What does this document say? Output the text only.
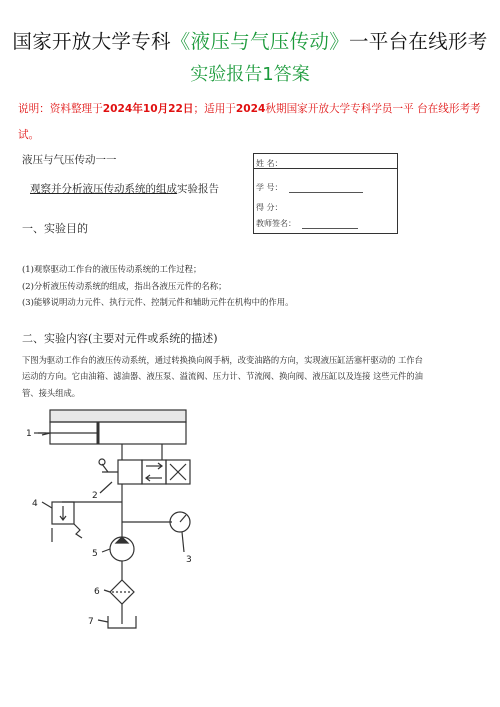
国家开放大学专科《液压与气压传动》一平台在线形考
实验报告1答案
说明：资料整理于2024年10月22日；适用于2024秋期国家开放大学专科学员一平 台在线形考考试。
液压与气压传动一一
观察并分析液压传动系统的组成实验报告
一、实验目的
姓 名：
学 号：
得 分：
教师签名：
(1)观察驱动工作台的液压传动系统的工作过程；
(2)分析液压传动系统的组成，指出各液压元件的名称；
(3)能够说明动力元件、执行元件、控制元件和辅助元件在机构中的作用。
二、实验内容(主要对元件或系统的描述)
下图为驱动工作台的液压传动系统，通过转换换向阀手柄，改变油路的方向，实现液压缸活塞杆驱动的 工作台
运动的方向。它由油箱、滤油器、液压泵、溢流阀、压力计、节流阀、换向阀、液压缸以及连接 这些元件的油
管、接头组成。
1
2
3
4
5
6
7
